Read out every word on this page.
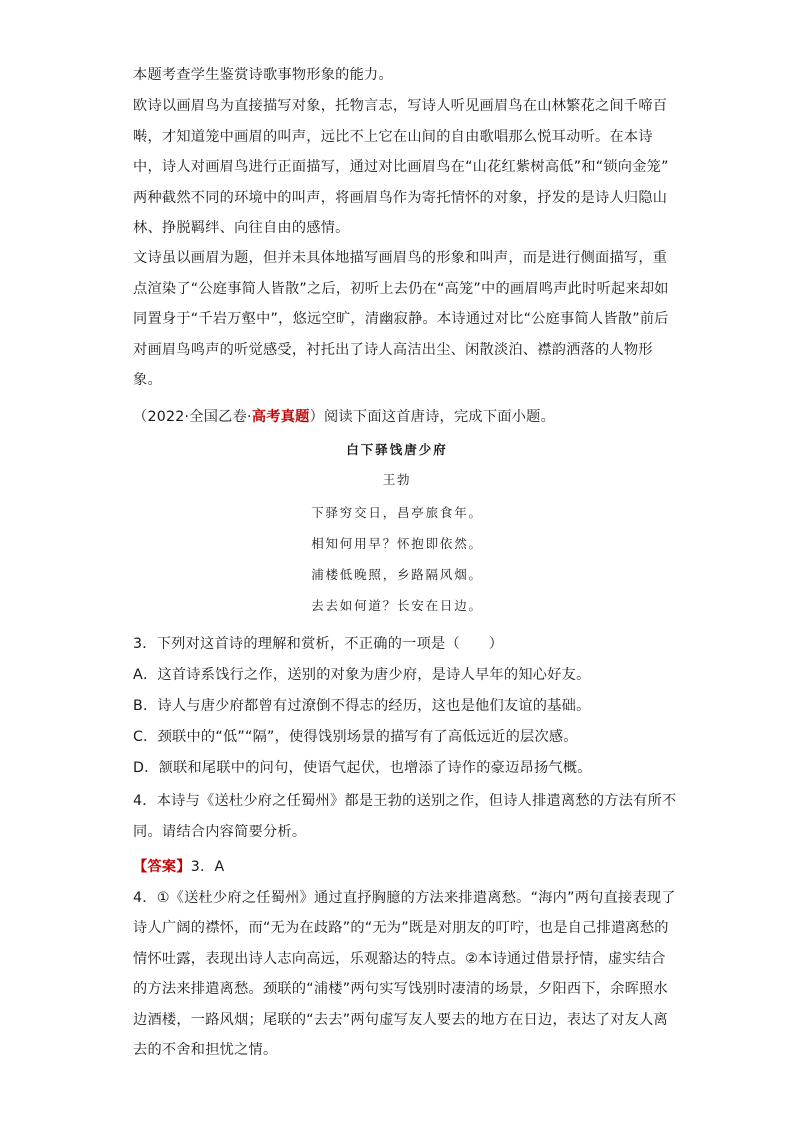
本题考查学生鉴赏诗歌事物形象的能力。
欧诗以画眉鸟为直接描写对象，托物言志，写诗人听见画眉鸟在山林繁花之间千啼百
啭，才知道笼中画眉的叫声，远比不上它在山间的自由歌唱那么悦耳动听。在本诗
中，诗人对画眉鸟进行正面描写，通过对比画眉鸟在“山花红紫树高低”和“锁向金笼”
两种截然不同的环境中的叫声，将画眉鸟作为寄托情怀的对象，抒发的是诗人归隐山
林、挣脱羁绊、向往自由的感情。
文诗虽以画眉为题，但并未具体地描写画眉鸟的形象和叫声，而是进行侧面描写，重
点渲染了“公庭事简人皆散”之后，初听上去仍在“高笼”中的画眉鸣声此时听起来却如
同置身于“千岩万壑中”，悠远空旷，清幽寂静。本诗通过对比“公庭事简人皆散”前后
对画眉鸟鸣声的听觉感受，衬托出了诗人高洁出尘、闲散淡泊、襟韵洒落的人物形
象。
（2022·全国乙卷·高考真题）阅读下面这首唐诗，完成下面小题。
白下驿饯唐少府
王勃
下驿穷交日，昌亭旅食年。
相知何用早？怀抱即依然。
浦楼低晚照，乡路隔风烟。
去去如何道？长安在日边。
3．下列对这首诗的理解和赏析，不正确的一项是（　　）
A．这首诗系饯行之作，送别的对象为唐少府，是诗人早年的知心好友。
B．诗人与唐少府都曾有过潦倒不得志的经历，这也是他们友谊的基础。
C．颈联中的“低”“隔”，使得饯别场景的描写有了高低远近的层次感。
D．颔联和尾联中的问句，使语气起伏，也增添了诗作的豪迈昂扬气概。
4．本诗与《送杜少府之任蜀州》都是王勃的送别之作，但诗人排遣离愁的方法有所不
同。请结合内容简要分析。
【答案】3．A
4．①《送杜少府之任蜀州》通过直抒胸臆的方法来排遣离愁。“海内”两句直接表现了
诗人广阔的襟怀，而“无为在歧路”的“无为”既是对朋友的叮咛，也是自己排遣离愁的
情怀吐露，表现出诗人志向高远，乐观豁达的特点。②本诗通过借景抒情，虚实结合
的方法来排遣离愁。颈联的“浦楼”两句实写饯别时凄清的场景，夕阳西下，余晖照水
边酒楼，一路风烟；尾联的“去去”两句虚写友人要去的地方在日边，表达了对友人离
去的不舍和担忧之情。
